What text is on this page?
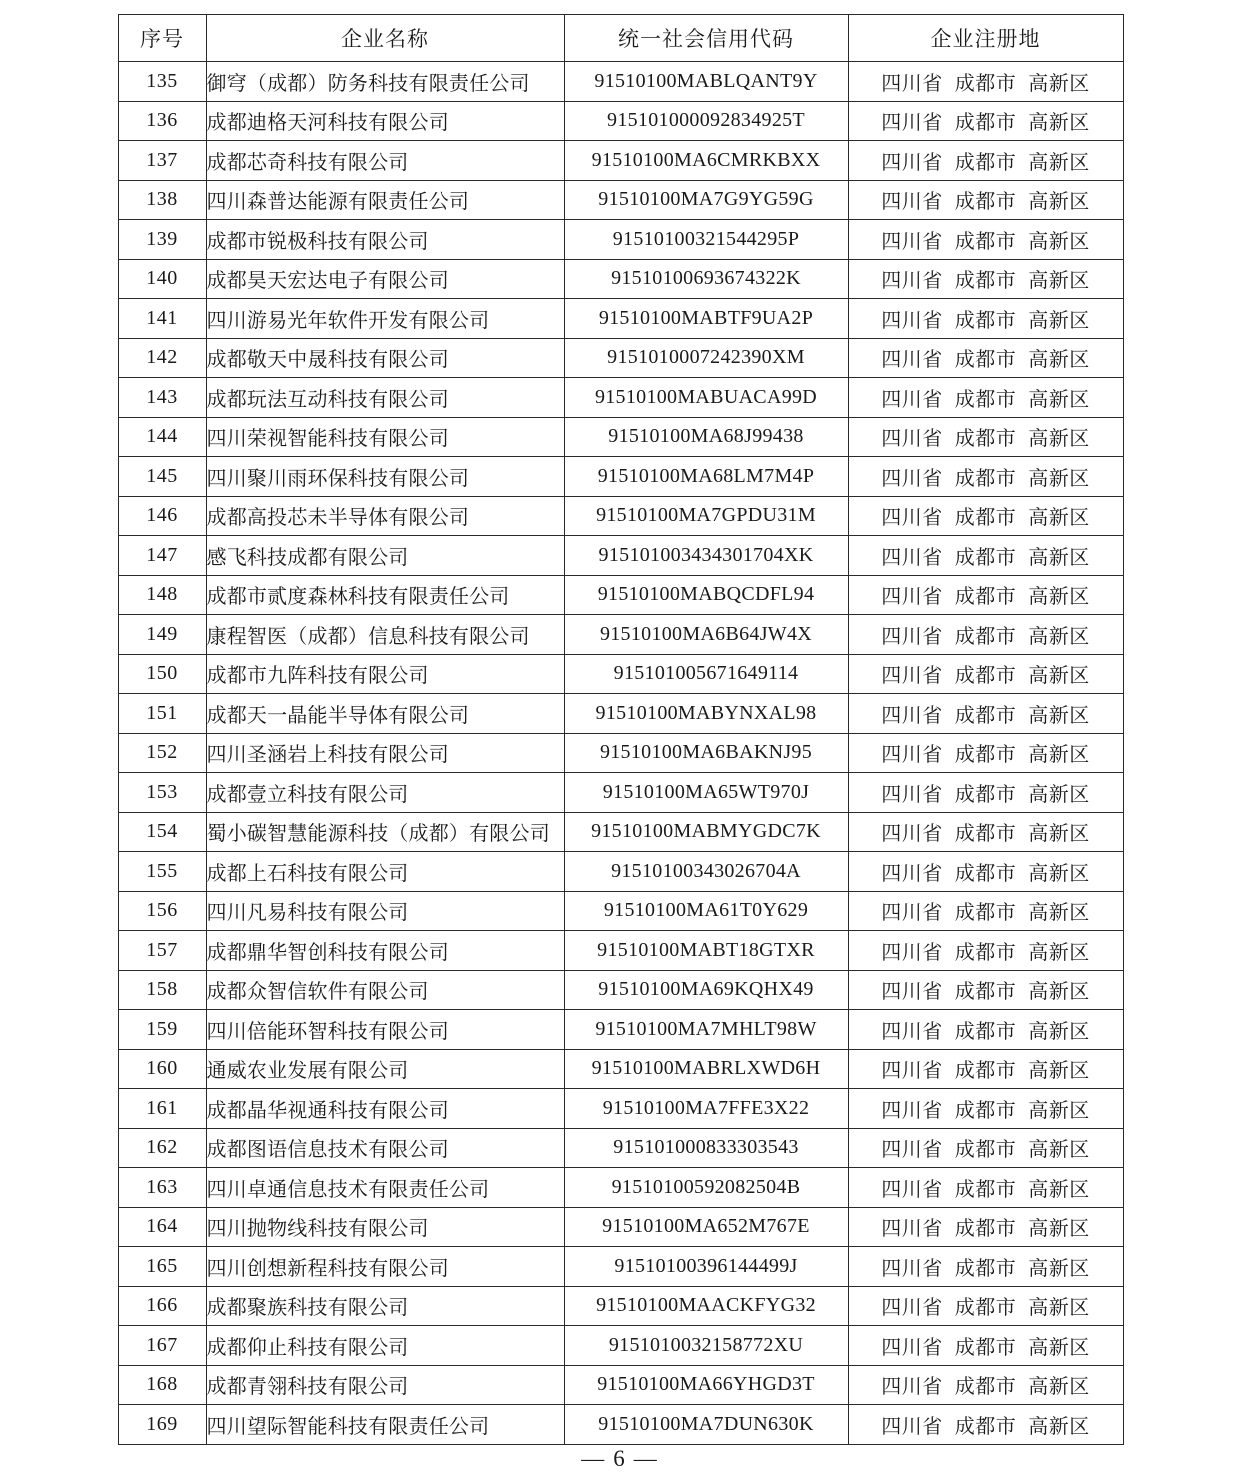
序号	企业名称	统一社会信用代码	企业注册地
135	御穹（成都）防务科技有限责任公司	91510100MABLQANT9Y	四川省 成都市 高新区
136	成都迪格天河科技有限公司	915101000092834925T	四川省 成都市 高新区
137	成都芯奇科技有限公司	91510100MA6CMRKBXX	四川省 成都市 高新区
138	四川森普达能源有限责任公司	91510100MA7G9YG59G	四川省 成都市 高新区
139	成都市锐极科技有限公司	91510100321544295P	四川省 成都市 高新区
140	成都昊天宏达电子有限公司	91510100693674322K	四川省 成都市 高新区
141	四川游易光年软件开发有限公司	91510100MABTF9UA2P	四川省 成都市 高新区
142	成都敬天中晟科技有限公司	9151010007242390XM	四川省 成都市 高新区
143	成都玩法互动科技有限公司	91510100MABUACA99D	四川省 成都市 高新区
144	四川荣视智能科技有限公司	91510100MA68J99438	四川省 成都市 高新区
145	四川聚川雨环保科技有限公司	91510100MA68LM7M4P	四川省 成都市 高新区
146	成都高投芯未半导体有限公司	91510100MA7GPDU31M	四川省 成都市 高新区
147	感飞科技成都有限公司	915101003434301704XK	四川省 成都市 高新区
148	成都市贰度森林科技有限责任公司	91510100MABQCDFL94	四川省 成都市 高新区
149	康程智医（成都）信息科技有限公司	91510100MA6B64JW4X	四川省 成都市 高新区
150	成都市九阵科技有限公司	915101005671649114	四川省 成都市 高新区
151	成都天一晶能半导体有限公司	91510100MABYNXAL98	四川省 成都市 高新区
152	四川圣涵岩上科技有限公司	91510100MA6BAKNJ95	四川省 成都市 高新区
153	成都壹立科技有限公司	91510100MA65WT970J	四川省 成都市 高新区
154	蜀小碳智慧能源科技（成都）有限公司	91510100MABMYGDC7K	四川省 成都市 高新区
155	成都上石科技有限公司	91510100343026704A	四川省 成都市 高新区
156	四川凡易科技有限公司	91510100MA61T0Y629	四川省 成都市 高新区
157	成都鼎华智创科技有限公司	91510100MABT18GTXR	四川省 成都市 高新区
158	成都众智信软件有限公司	91510100MA69KQHX49	四川省 成都市 高新区
159	四川倍能环智科技有限公司	91510100MA7MHLT98W	四川省 成都市 高新区
160	通威农业发展有限公司	91510100MABRLXWD6H	四川省 成都市 高新区
161	成都晶华视通科技有限公司	91510100MA7FFE3X22	四川省 成都市 高新区
162	成都图语信息技术有限公司	915101000833303543	四川省 成都市 高新区
163	四川卓通信息技术有限责任公司	91510100592082504B	四川省 成都市 高新区
164	四川抛物线科技有限公司	91510100MA652M767E	四川省 成都市 高新区
165	四川创想新程科技有限公司	91510100396144499J	四川省 成都市 高新区
166	成都聚族科技有限公司	91510100MAACKFYG32	四川省 成都市 高新区
167	成都仰止科技有限公司	9151010032158772XU	四川省 成都市 高新区
168	成都青翎科技有限公司	91510100MA66YHGD3T	四川省 成都市 高新区
169	四川望际智能科技有限责任公司	91510100MA7DUN630K	四川省 成都市 高新区
— 6 —
